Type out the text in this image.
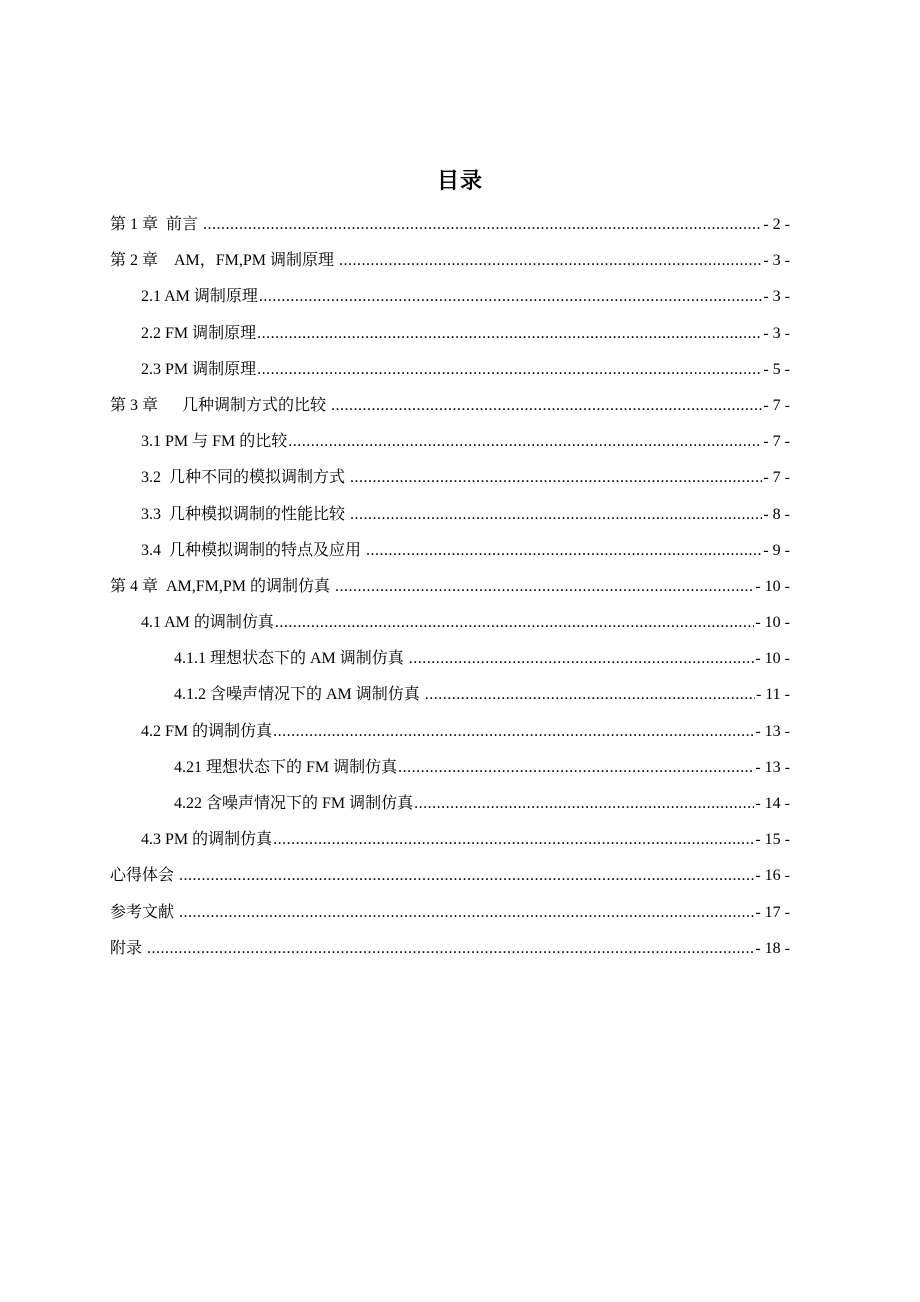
目录
第 1 章  前言 .....	- 2 -
第 2 章    AM，FM,PM 调制原理 .....	- 3 -
2.1 AM 调制原理 .....	- 3 -
2.2 FM 调制原理 .....	- 3 -
2.3 PM 调制原理 .....	- 5 -
第 3 章      几种调制方式的比较 .....	- 7 -
3.1 PM 与 FM 的比较 .....	- 7 -
3.2  几种不同的模拟调制方式 .....	- 7 -
3.3  几种模拟调制的性能比较 .....	- 8 -
3.4  几种模拟调制的特点及应用 .....	- 9 -
第 4 章  AM,FM,PM 的调制仿真 .....	- 10 -
4.1 AM 的调制仿真 .....	- 10 -
4.1.1 理想状态下的 AM 调制仿真 .....	- 10 -
4.1.2 含噪声情况下的 AM 调制仿真 .....	- 11 -
4.2 FM 的调制仿真 .....	- 13 -
4.21 理想状态下的 FM 调制仿真 .....	- 13 -
4.22 含噪声情况下的 FM 调制仿真 .....	- 14 -
4.3 PM 的调制仿真 .....	- 15 -
心得体会 .....	- 16 -
参考文献 .....	- 17 -
附录 .....	- 18 -
